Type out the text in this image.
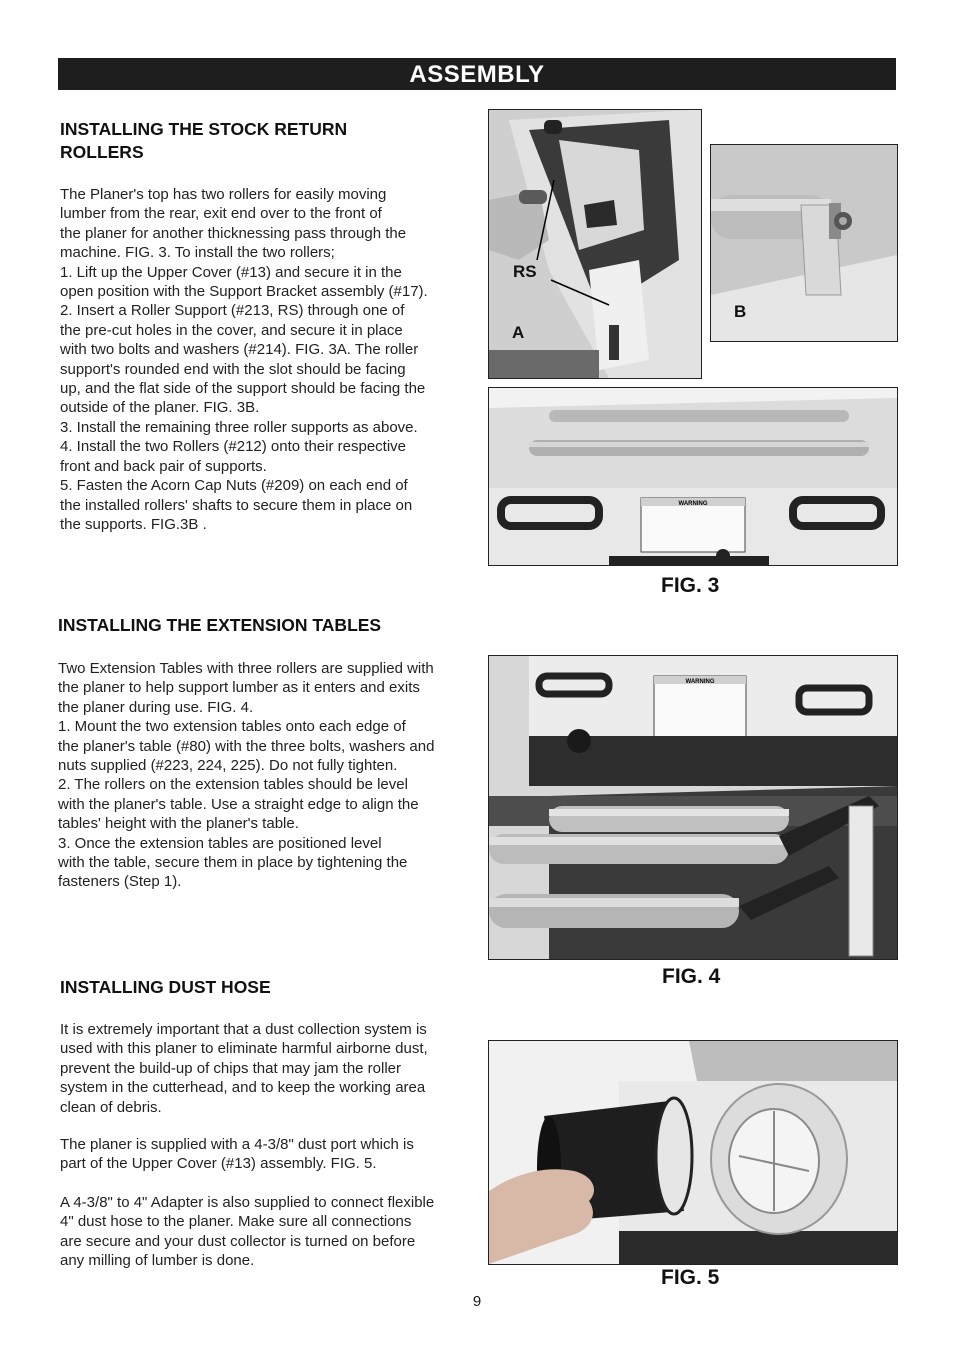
ASSEMBLY
INSTALLING THE STOCK RETURN
ROLLERS

The Planer's top has two rollers for easily moving

lumber from the rear, exit end over to the front of

the planer for another thicknessing pass through the

machine. FIG. 3. To install the two rollers;

1. Lift up the Upper Cover (#13) and secure it in the

open position with the Support Bracket assembly (#17).

2. Insert a Roller Support (#213, RS) through one of

the pre-cut holes in the cover, and secure it in place

with two bolts and washers (#214). FIG. 3A. The roller

support's rounded end with the slot should be facing

up, and the flat side of the support should be facing the

outside of the planer. FIG. 3B.

3. Install the remaining three roller supports as above.

4. Install the two Rollers (#212) onto their respective

front and back pair of supports.

5. Fasten the Acorn Cap Nuts (#209) on each end of

the installed rollers' shafts to secure them in place on

the supports. FIG.3B .

RS
A
B
WARNING
FIG. 3
INSTALLING THE EXTENSION TABLES

Two Extension Tables with three rollers are supplied with

the planer to help support lumber as it enters and exits

the planer during use. FIG. 4.

1. Mount the two extension tables onto each edge of

the planer's table (#80) with the three bolts, washers and

nuts supplied (#223, 224, 225). Do not fully tighten.

2. The rollers on the extension tables should be level

with the planer's table. Use a straight edge to align the

tables' height with the planer's table.

3. Once the extension tables are positioned level

with the table, secure them in place by tightening the

fasteners (Step 1).

WARNING
FIG. 4
INSTALLING DUST HOSE

It is extremely important that a dust collection system is

used with this planer to eliminate harmful airborne dust,

prevent the build-up of chips that may jam the roller

system in the cutterhead, and to keep the working area

clean of debris.

The planer is supplied with a 4-3/8" dust port which is

part of the Upper Cover (#13) assembly. FIG. 5.

A 4-3/8" to 4" Adapter is also supplied to connect flexible

4" dust hose to the planer. Make sure all connections

are secure and your dust collector is turned on before

any milling of lumber is done.

FIG. 5
9
